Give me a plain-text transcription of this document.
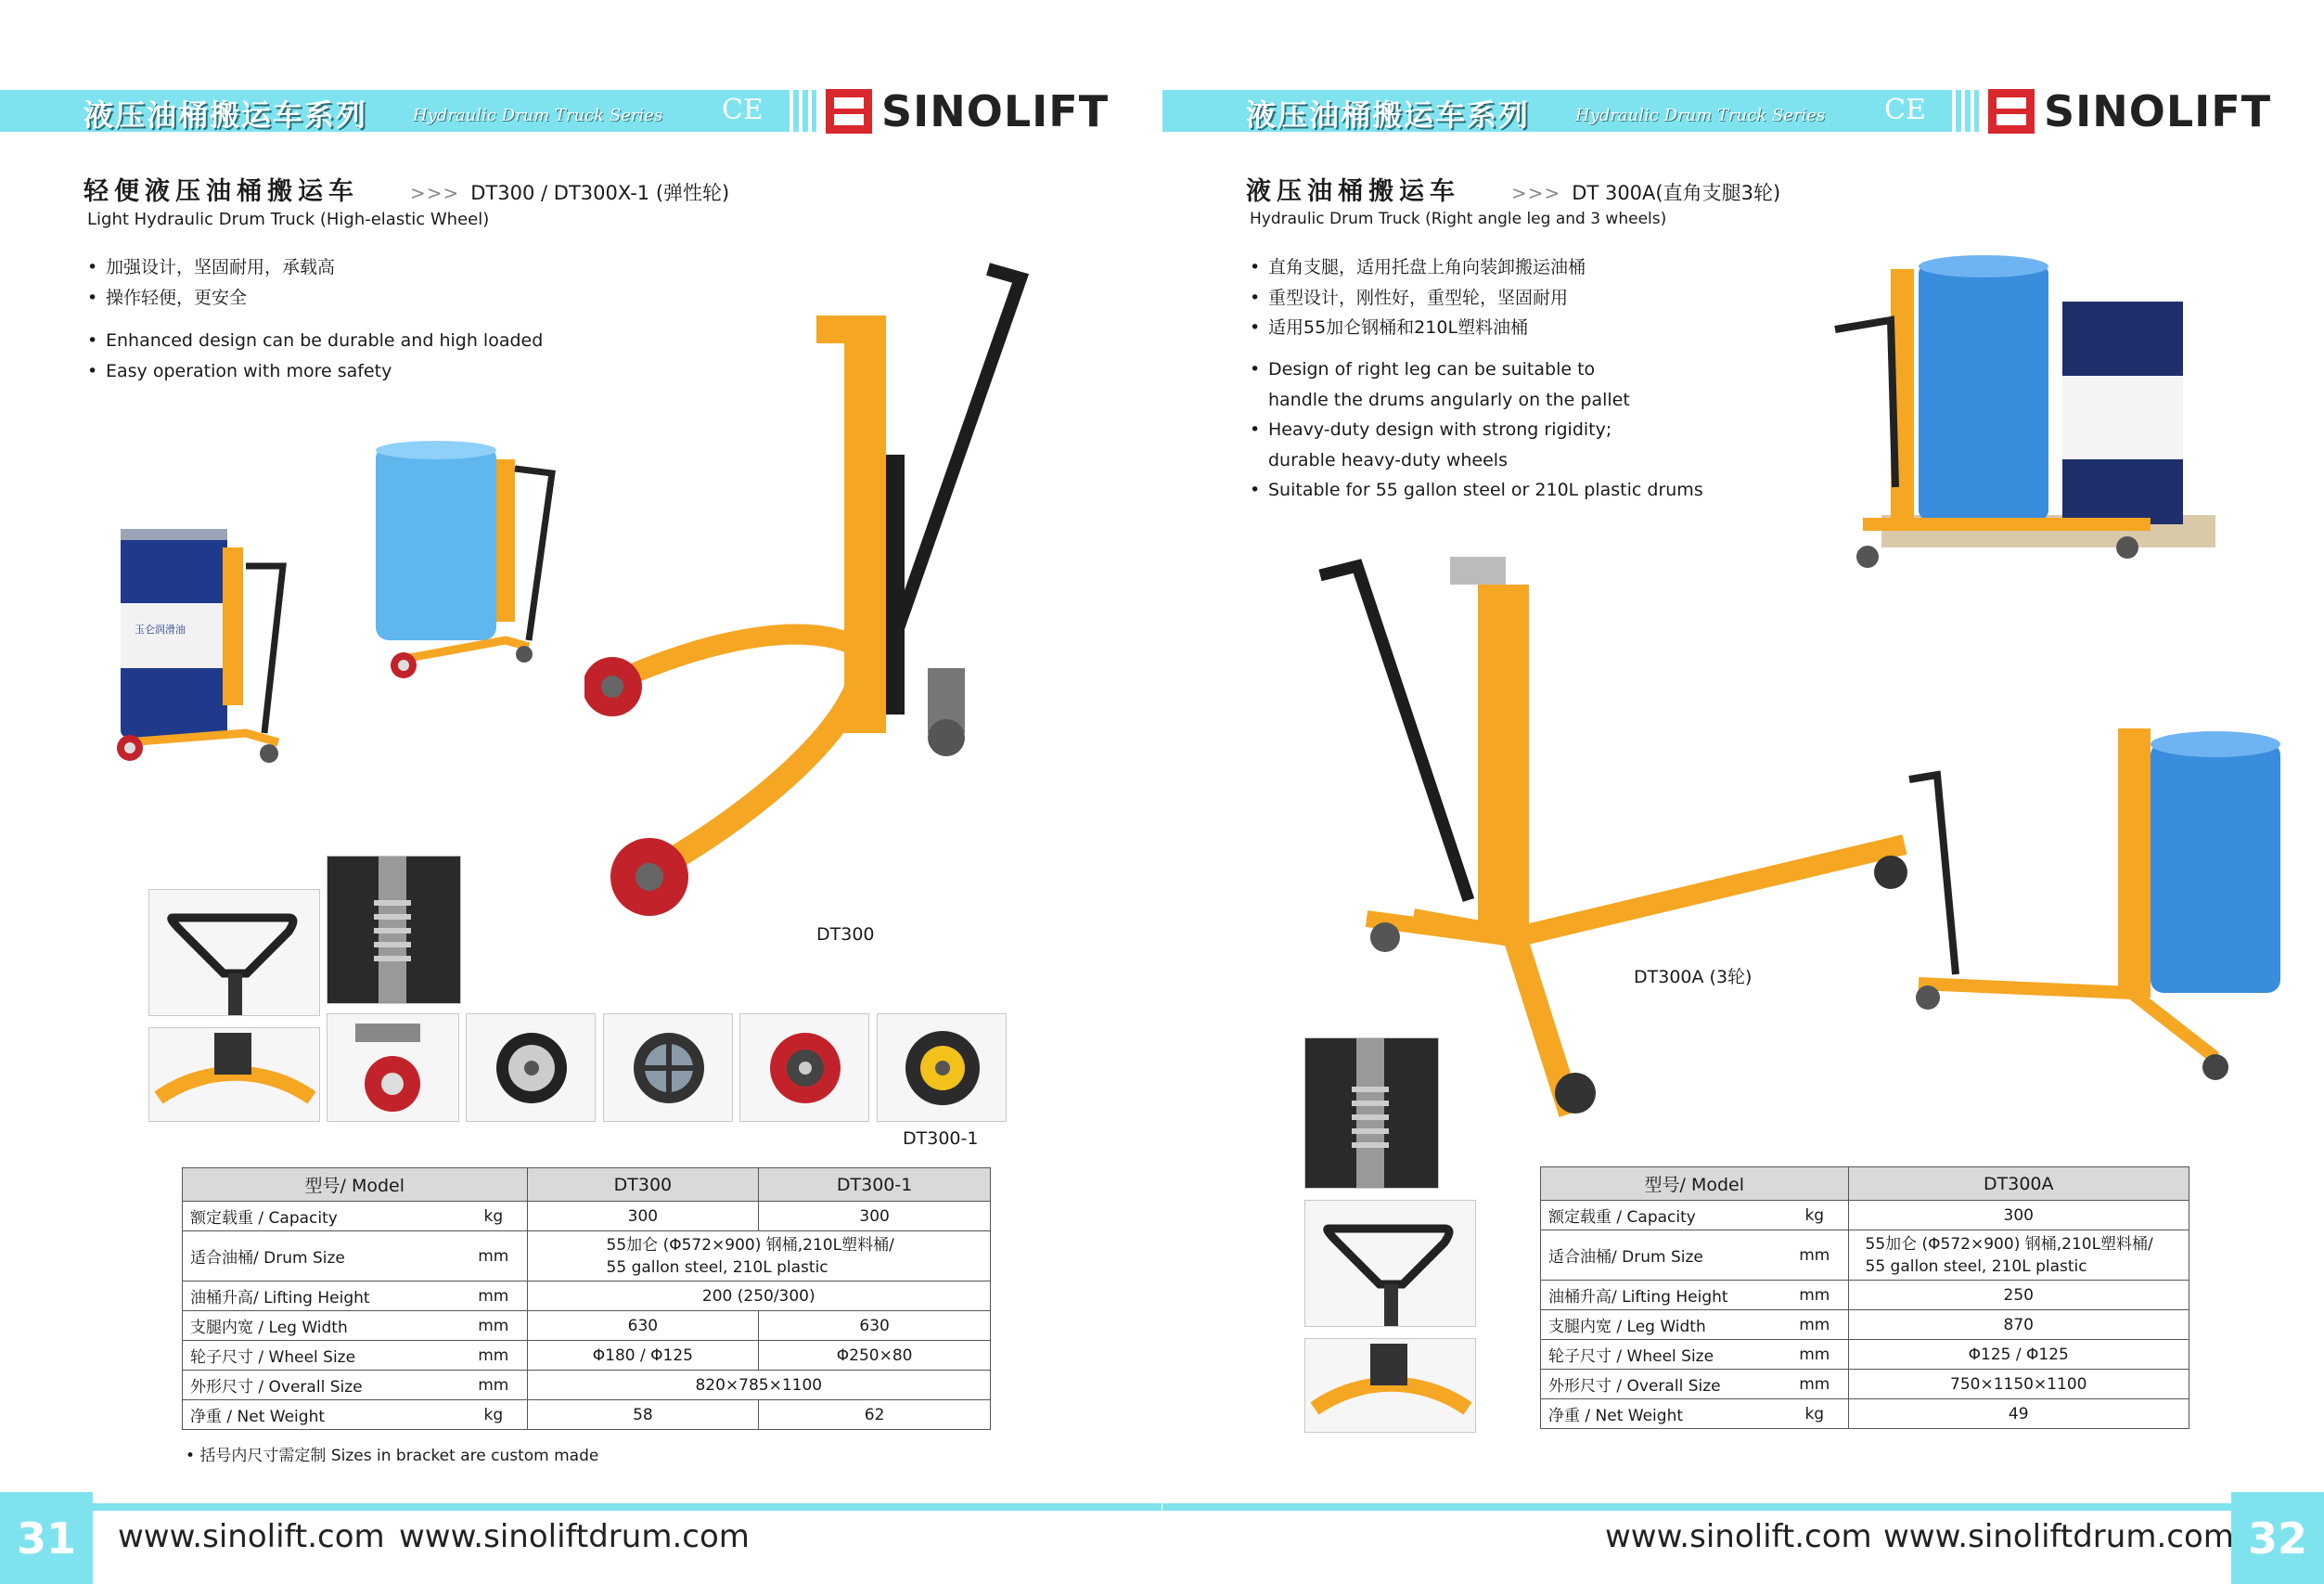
液压油桶搬运车系列	Hydraulic Drum Truck Series CE	SINOLIFT
轻便液压油桶搬运车	>>> DT300 / DT300X-1 (弹性轮)
Light Hydraulic Drum Truck (High-elastic Wheel)
• 加强设计，坚固耐用，承载高
• 操作轻便，更安全
• Enhanced design can be durable and high loaded
• Easy operation with more safety
玉仑润滑油
DT300
DT300-1
型号/ Model		DT300	DT300-1
额定载重 / Capacity	kg	300	300
适合油桶/ Drum Size	mm	55加仑 (Φ572×900) 钢桶,210L塑料桶/
55 gallon steel, 210L plastic	
油桶升高/ Lifting Height	mm	200 (250/300)	
支腿内宽 / Leg Width	mm	630	630
轮子尺寸 / Wheel Size	mm	Φ180 / Φ125	Φ250×80
外形尺寸 / Overall Size	mm	820×785×1100	
净重 / Net Weight	kg	58	62
• 括号内尺寸需定制 Sizes in bracket are custom made
31	www.sinolift.com www.sinoliftdrum.com
液压油桶搬运车系列	Hydraulic Drum Truck Series CE	SINOLIFT
液压油桶搬运车	>>> DT 300A(直角支腿3轮)
Hydraulic Drum Truck (Right angle leg and 3 wheels)
• 直角支腿，适用托盘上角向装卸搬运油桶
• 重型设计，刚性好，重型轮，坚固耐用
• 适用55加仑钢桶和210L塑料油桶
• Design of right leg can be suitable to
handle the drums angularly on the pallet
• Heavy-duty design with strong rigidity;
durable heavy-duty wheels
• Suitable for 55 gallon steel or 210L plastic drums
DT300A (3轮)
型号/ Model		DT300A
额定载重 / Capacity	kg	300
适合油桶/ Drum Size	mm	55加仑 (Φ572×900) 钢桶,210L塑料桶/
55 gallon steel, 210L plastic
油桶升高/ Lifting Height	mm	250
支腿内宽 / Leg Width	mm	870
轮子尺寸 / Wheel Size	mm	Φ125 / Φ125
外形尺寸 / Overall Size	mm	750×1150×1100
净重 / Net Weight	kg	49
32
www.sinolift.com www.sinoliftdrum.com
